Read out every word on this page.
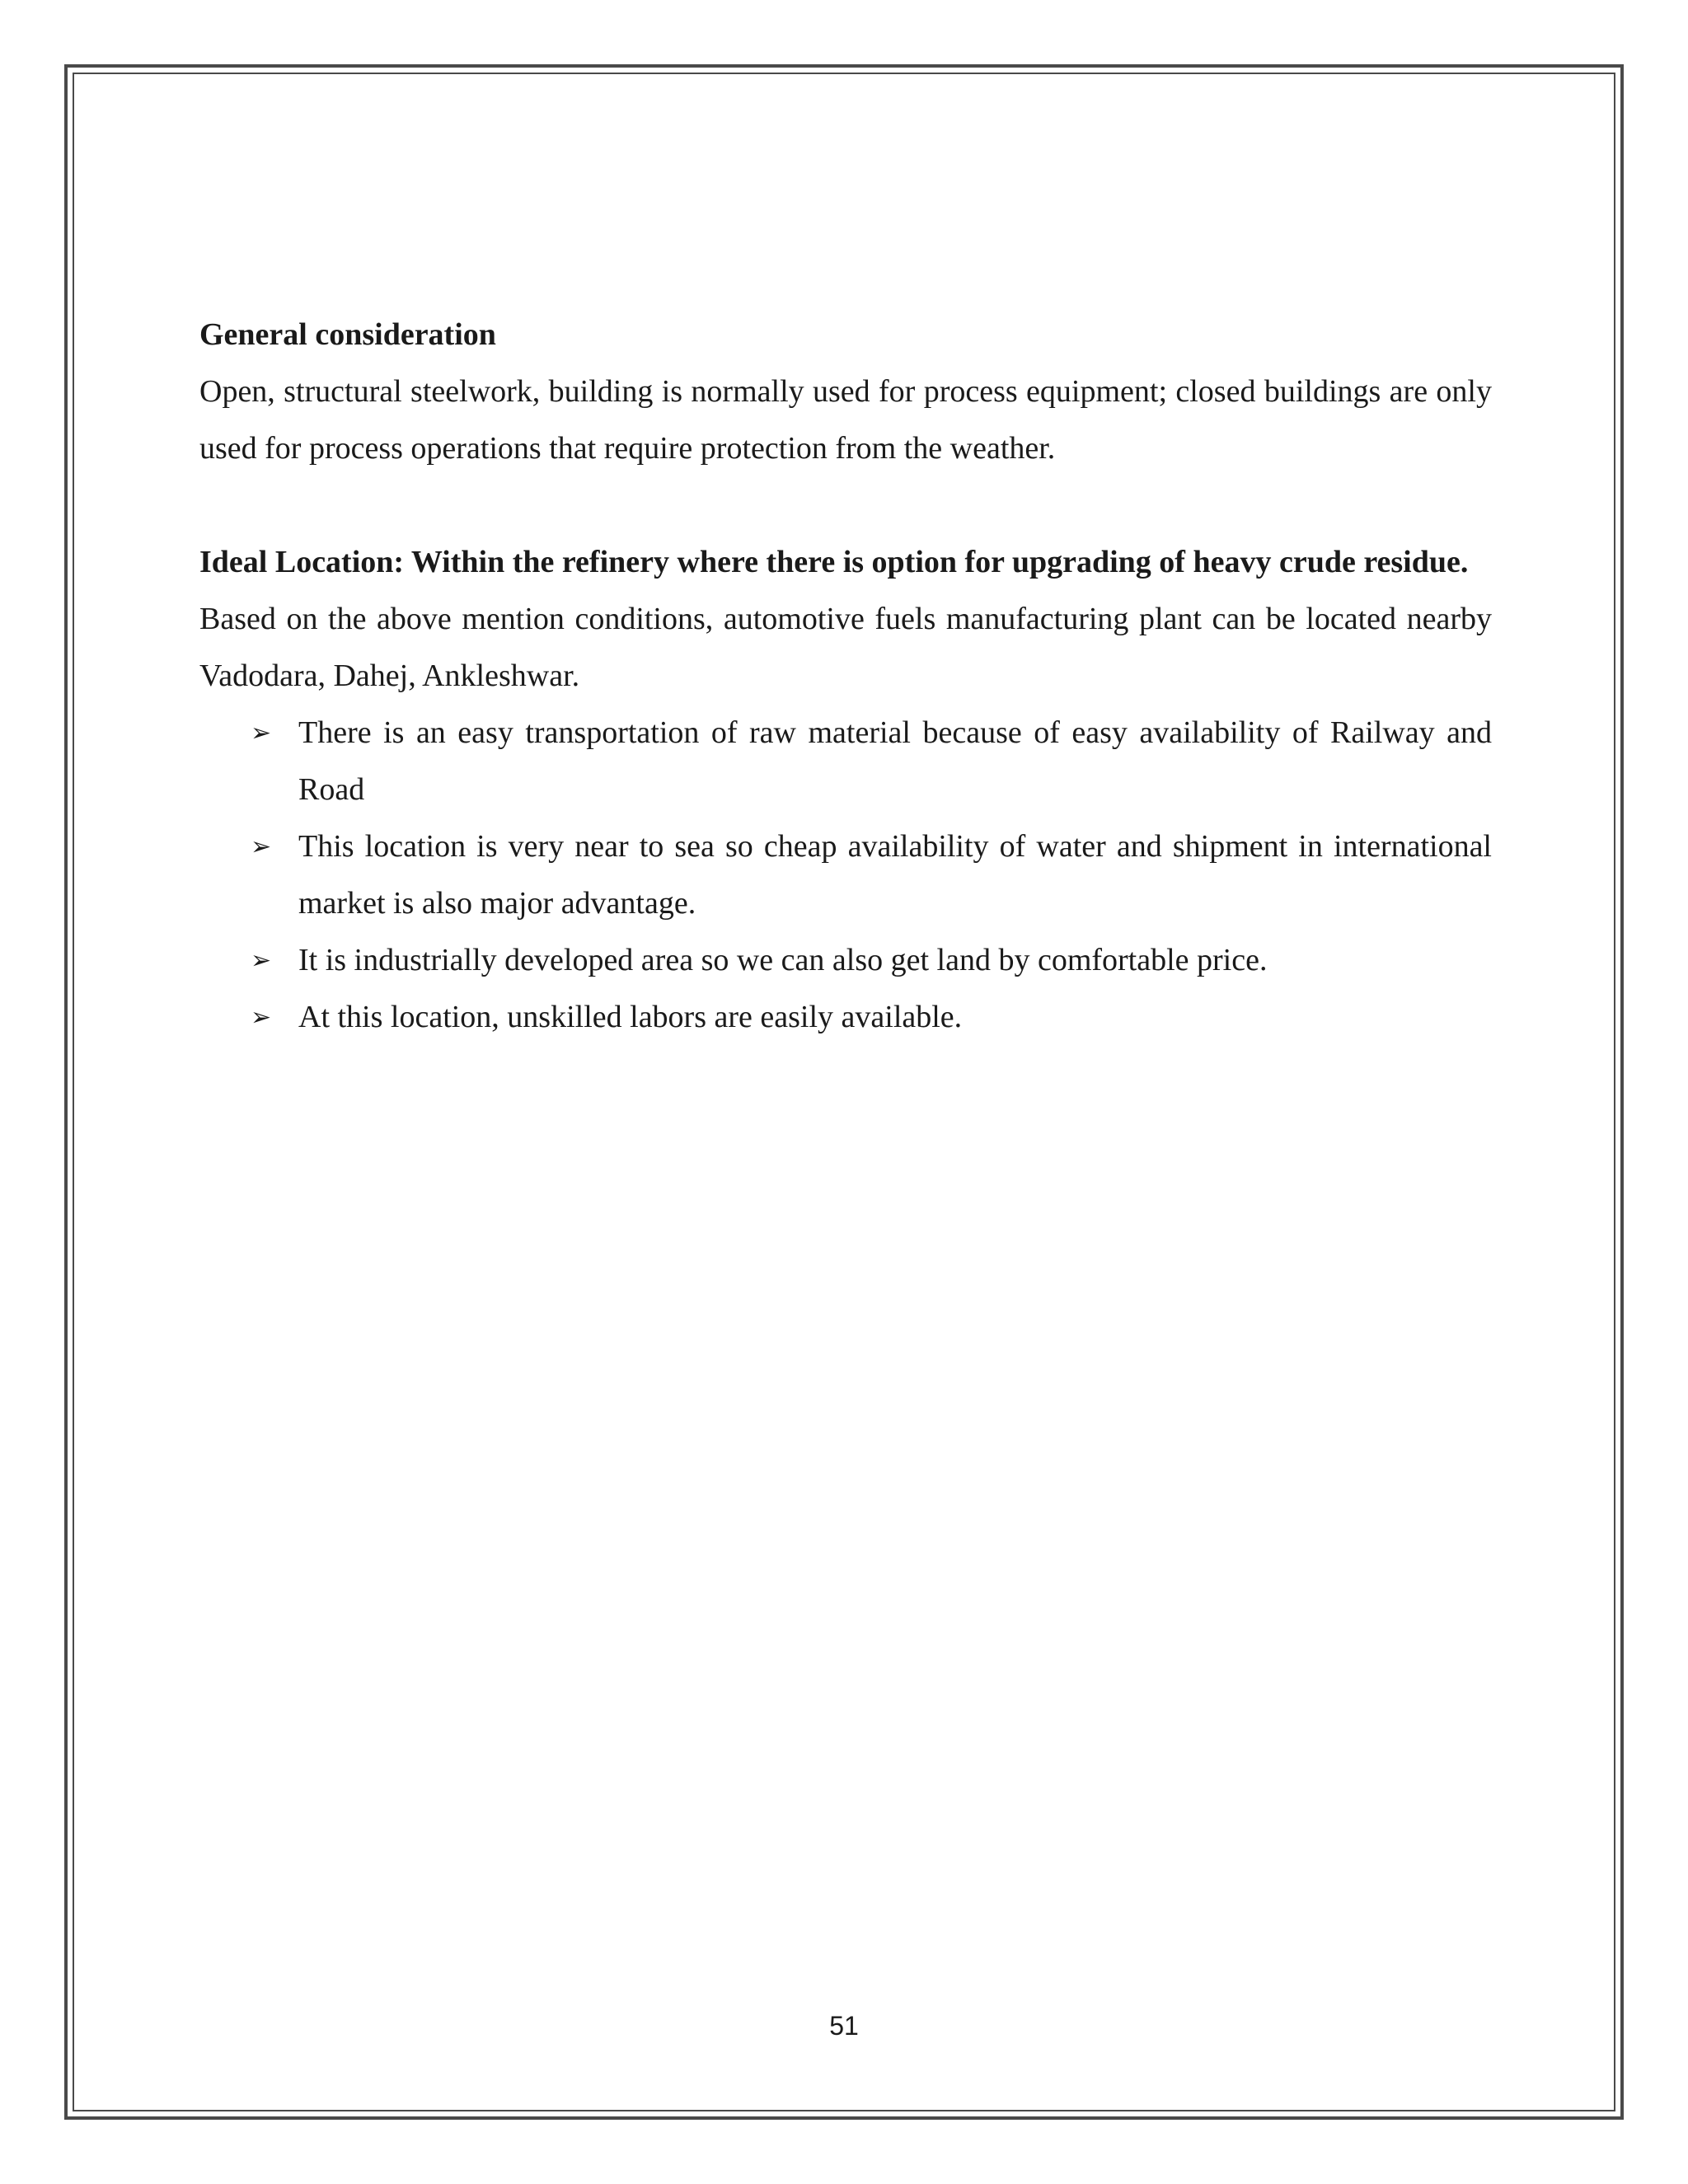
General consideration

Open, structural steelwork, building is normally used for process equipment; closed buildings are only used for process operations that require protection from the weather.

Ideal Location: Within the refinery where there is option for upgrading of heavy crude residue.

Based on the above mention conditions, automotive fuels manufacturing plant can be located nearby Vadodara, Dahej, Ankleshwar.

➢ There is an easy transportation of raw material because of easy availability of Railway and Road
➢ This location is very near to sea so cheap availability of water and shipment in international market is also major advantage.
➢ It is industrially developed area so we can also get land by comfortable price.
➢ At this location, unskilled labors are easily available.
51
